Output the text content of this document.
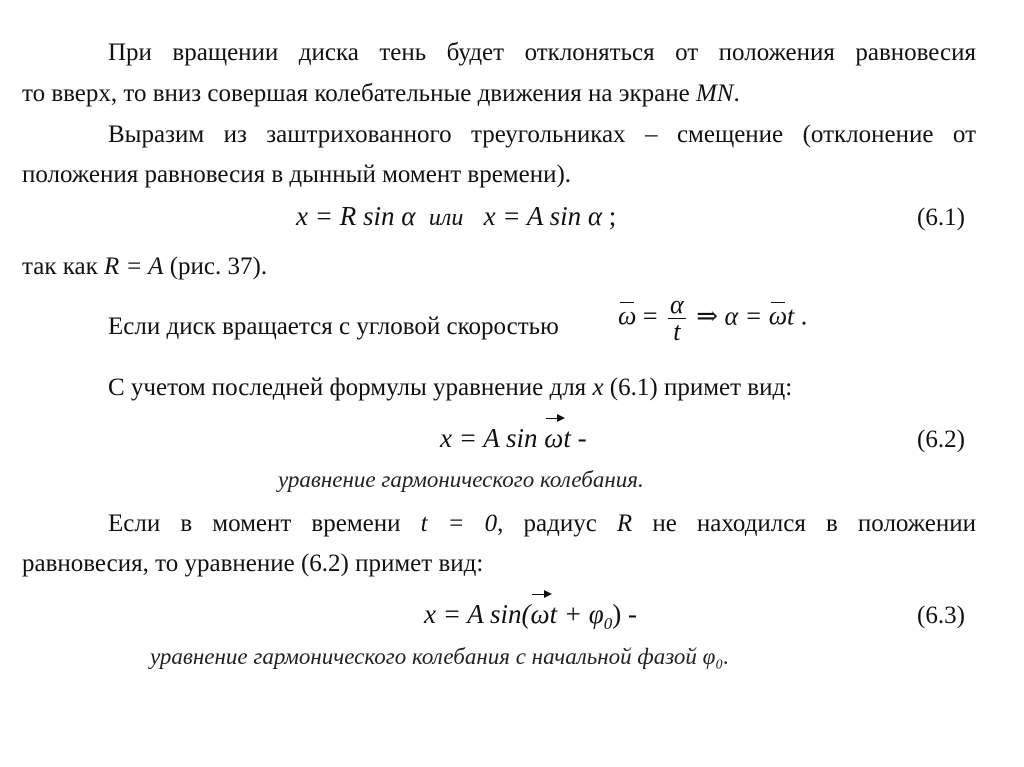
При вращении диска тень будет отклоняться от положения равновесия
то вверх, то вниз совершая колебательные движения на экране MN.
Выразим из заштрихованного треугольниках – смещение (отклонение от
положения равновесия в дынный момент времени).
x = R sin α или x = A sin α ;	(6.1)
так как R = A (рис. 37).
Если диск вращается с угловой скоростью $\omega = \frac{\alpha}{t}$ ⇒ α = ωt .
С учетом последней формулы уравнение для x (6.1) примет вид:
x = A sin ωt -	(6.2)
уравнение гармонического колебания.
Если в момент времени t = 0, радиус R не находился в положении
равновесия, то уравнение (6.2) примет вид:
x = A $\sin(\omega t + \varphi_0)$ -	(6.3)
уравнение гармонического колебания с начальной фазой φ₀.
